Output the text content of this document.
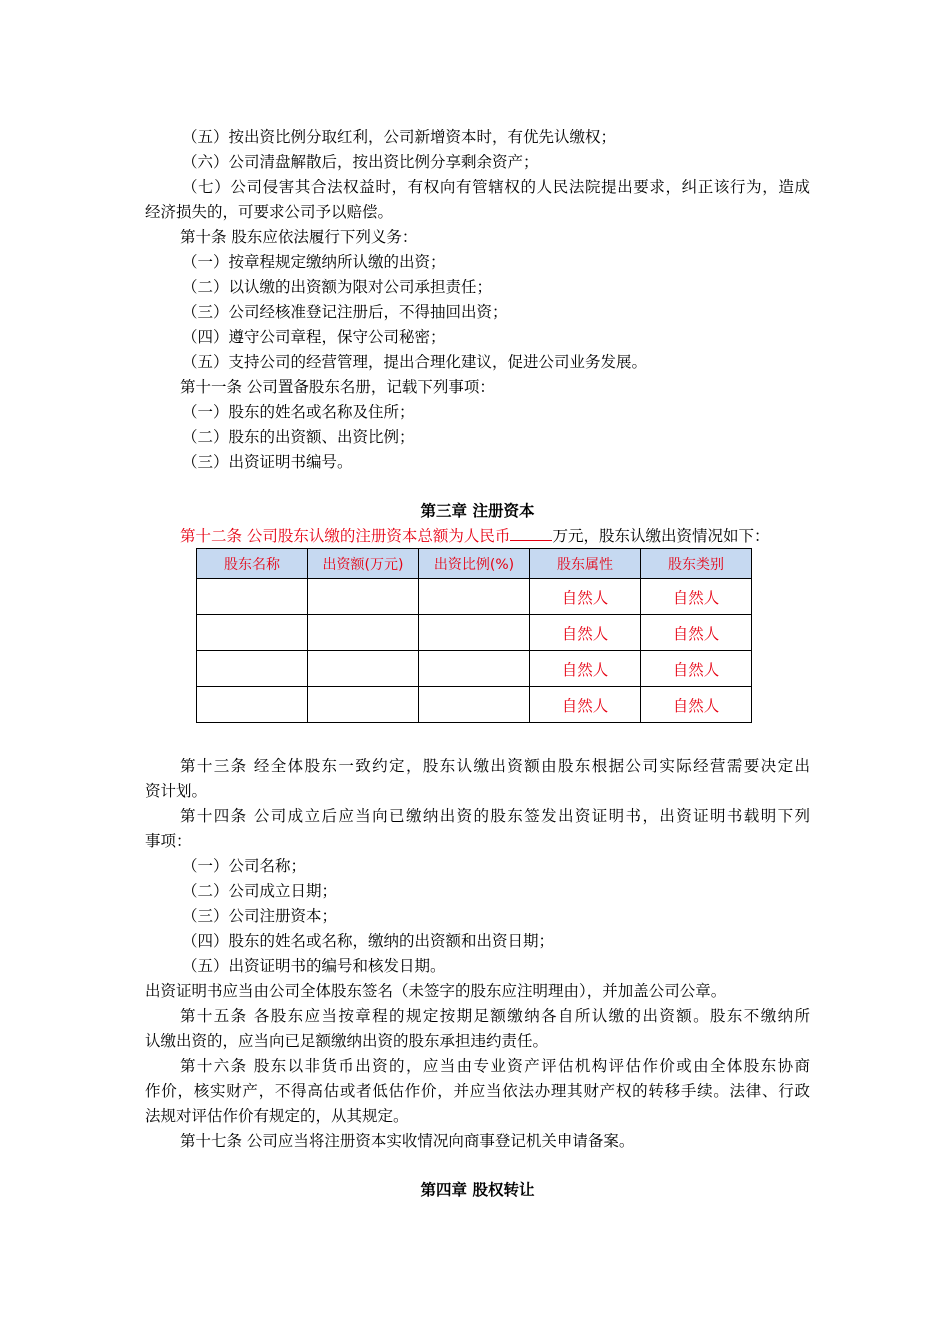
（五）按出资比例分取红利，公司新增资本时，有优先认缴权；
（六）公司清盘解散后，按出资比例分享剩余资产；
（七）公司侵害其合法权益时，有权向有管辖权的人民法院提出要求，纠正该行为，造成
经济损失的，可要求公司予以赔偿。
第十条 股东应依法履行下列义务：
（一）按章程规定缴纳所认缴的出资；
（二）以认缴的出资额为限对公司承担责任；
（三）公司经核准登记注册后，不得抽回出资；
（四）遵守公司章程，保守公司秘密；
（五）支持公司的经营管理，提出合理化建议，促进公司业务发展。
第十一条 公司置备股东名册，记载下列事项：
（一）股东的姓名或名称及住所；
（二）股东的出资额、出资比例；
（三）出资证明书编号。
第三章 注册资本
第十二条 公司股东认缴的注册资本总额为人民币	万元，股东认缴出资情况如下：
股东名称	出资额(万元)	出资比例(%)	股东属性	股东类别
			自然人	自然人
			自然人	自然人
			自然人	自然人
			自然人	自然人
第十三条 经全体股东一致约定，股东认缴出资额由股东根据公司实际经营需要决定出
资计划。
第十四条 公司成立后应当向已缴纳出资的股东签发出资证明书，出资证明书载明下列
事项：
（一）公司名称；
（二）公司成立日期；
（三）公司注册资本；
（四）股东的姓名或名称，缴纳的出资额和出资日期；
（五）出资证明书的编号和核发日期。
出资证明书应当由公司全体股东签名（未签字的股东应注明理由），并加盖公司公章。
第十五条 各股东应当按章程的规定按期足额缴纳各自所认缴的出资额。股东不缴纳所
认缴出资的，应当向已足额缴纳出资的股东承担违约责任。
第十六条 股东以非货币出资的，应当由专业资产评估机构评估作价或由全体股东协商
作价，核实财产，不得高估或者低估作价，并应当依法办理其财产权的转移手续。法律、行政
法规对评估作价有规定的，从其规定。
第十七条 公司应当将注册资本实收情况向商事登记机关申请备案。
第四章 股权转让
